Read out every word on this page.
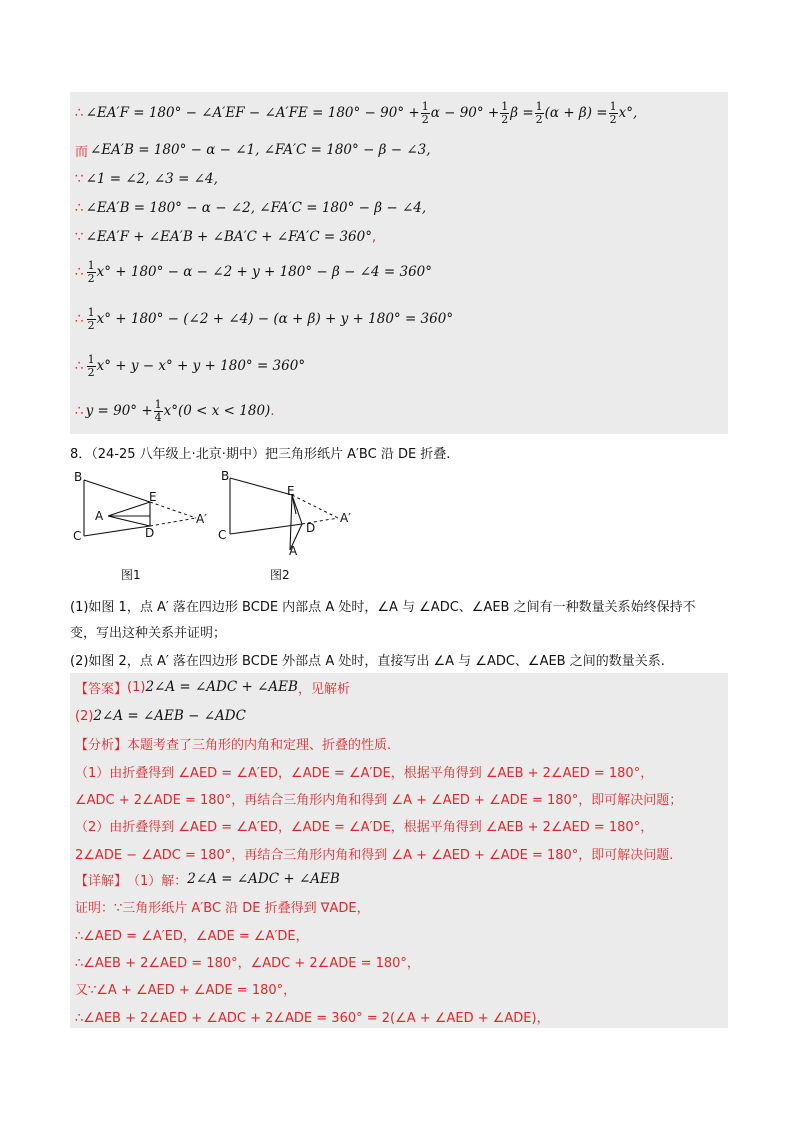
∴ ∠EA′F = 180° − ∠A′EF − ∠A′FE = $180^\circ - 90^\circ + \frac{1}{2}$ $\alpha - 90^\circ + \frac{1}{2}$ $\beta = \frac{1}{2} (\alpha + \beta) = \frac{1}{2} x^\circ$,
而 ∠EA′B = 180° − α − ∠1, ∠FA′C = 180° − β − ∠3,
∵ ∠1 = ∠2, ∠3 = ∠4,
∴ ∠EA′B = 180° − α − ∠2, ∠FA′C = 180° − β − ∠4,
∵ ∠EA′F + ∠EA′B + ∠BA′C + ∠FA′C = 360° ,
∴ $\frac{1}{2} x^\circ + 180^\circ - \alpha$ − ∠2 + y + 180° − β − ∠4 = 360°
∴ $\frac{1}{2} x^\circ + 180^\circ$ − (∠2 + ∠4) − (α + β) + y + 180° = 360°
∴ $\frac{1}{2} x^\circ + y - x^\circ + y + 180^\circ = 360^\circ$
∴ $y = 90^\circ + \frac{1}{4} x^\circ(0 < x < 180)$ .
8．（24-25 八年级上·北京·期中）把三角形纸片 A′BC 沿 DE 折叠.
B
C
E
D
A	A′
图1
B
C
E
D
A
A′
图2
(1)如图 1，点 A′ 落在四边形 BCDE 内部点 A 处时，∠A 与 ∠ADC、∠AEB 之间有一种数量关系始终保持不
变，写出这种关系并证明；
(2)如图 2，点 A′ 落在四边形 BCDE 外部点 A 处时，直接写出 ∠A 与 ∠ADC、∠AEB 之间的数量关系.
【答案】 (1) 2∠A = ∠ADC + ∠AEB ，见解析
(2) 2∠A = ∠AEB − ∠ADC
【分析】本题考查了三角形的内角和定理、折叠的性质.
（1）由折叠得到 ∠AED = ∠A′ED，∠ADE = ∠A′DE，根据平角得到 ∠AEB + 2∠AED = 180°，
∠ADC + 2∠ADE = 180°，再结合三角形内角和得到 ∠A + ∠AED + ∠ADE = 180°，即可解决问题；
（2）由折叠得到 ∠AED = ∠A′ED，∠ADE = ∠A′DE，根据平角得到 ∠AEB + 2∠AED = 180°，
2∠ADE − ∠ADC = 180°，再结合三角形内角和得到 ∠A + ∠AED + ∠ADE = 180°，即可解决问题.
【详解】 （1）解： 2∠A = ∠ADC + ∠AEB
证明：∵三角形纸片 A′BC 沿 DE 折叠得到 ∇ADE，
∴∠AED = ∠A′ED，∠ADE = ∠A′DE，
∴∠AEB + 2∠AED = 180°，∠ADC + 2∠ADE = 180°，
又∵∠A + ∠AED + ∠ADE = 180°，
∴∠AEB + 2∠AED + ∠ADC + 2∠ADE = 360° = 2(∠A + ∠AED + ∠ADE)，
